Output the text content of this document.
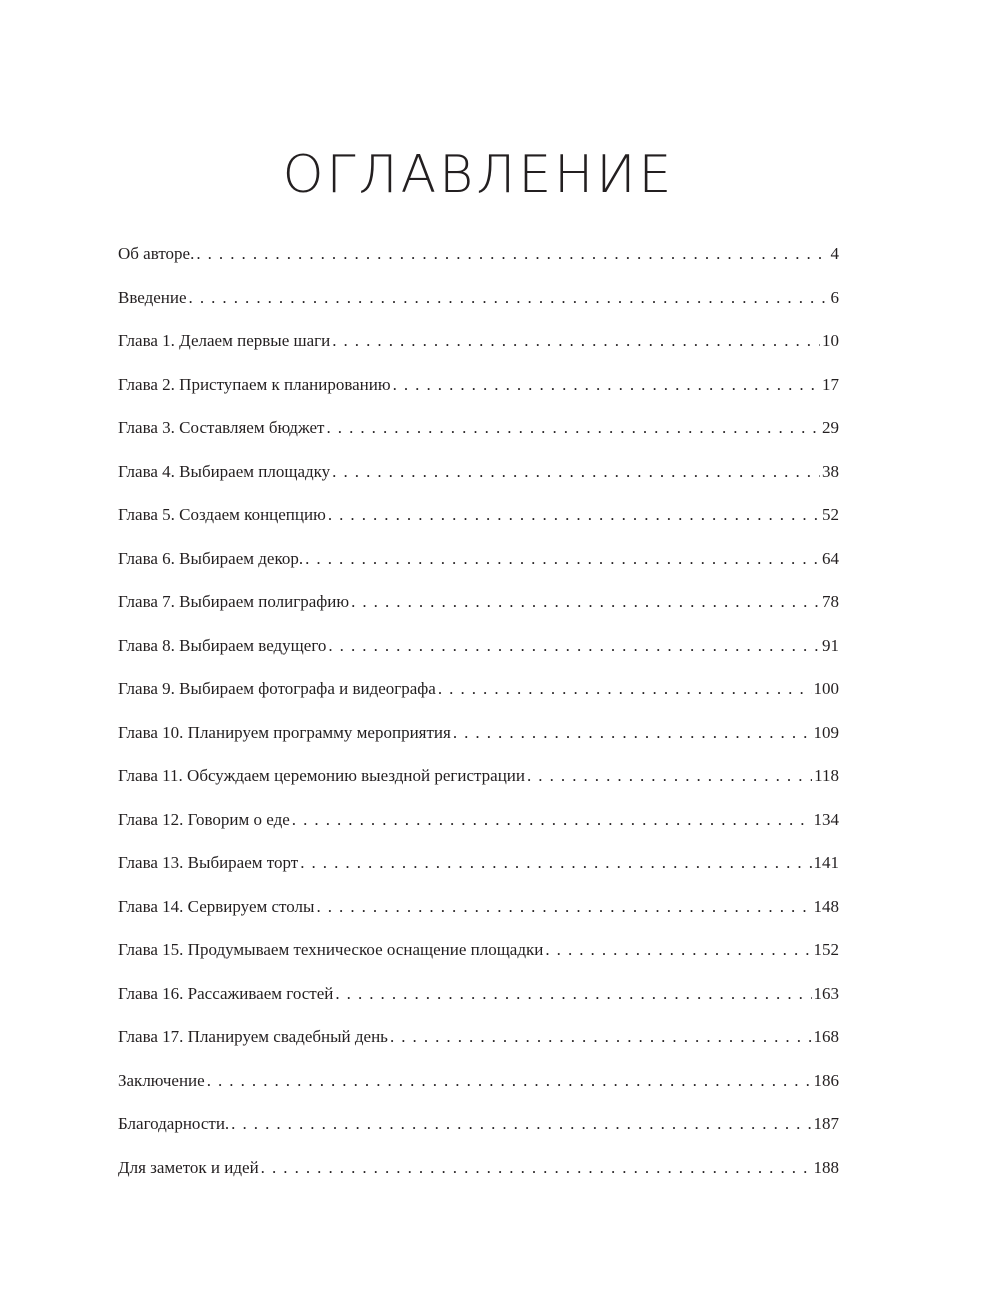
ОГЛАВЛЕНИЕ
Об авторе. . . .	4
Введение . . .	6
Глава 1. Делаем первые шаги . . .	10
Глава 2. Приступаем к планированию . . .	17
Глава 3. Составляем бюджет . . .	29
Глава 4. Выбираем площадку . . .	38
Глава 5. Создаем концепцию . . .	52
Глава 6. Выбираем декор. . . .	64
Глава 7. Выбираем полиграфию . . .	78
Глава 8. Выбираем ведущего . . .	91
Глава 9. Выбираем фотографа и видеографа . . .	100
Глава 10. Планируем программу мероприятия . . .	109
Глава 11. Обсуждаем церемонию выездной регистрации . . .	118
Глава 12. Говорим о еде . . .	134
Глава 13. Выбираем торт . . .	141
Глава 14. Сервируем столы . . .	148
Глава 15. Продумываем техническое оснащение площадки . . .	152
Глава 16. Рассаживаем гостей . . .	163
Глава 17. Планируем свадебный день . . .	168
Заключение . . .	186
Благодарности. . . .	187
Для заметок и идей . . .	188
